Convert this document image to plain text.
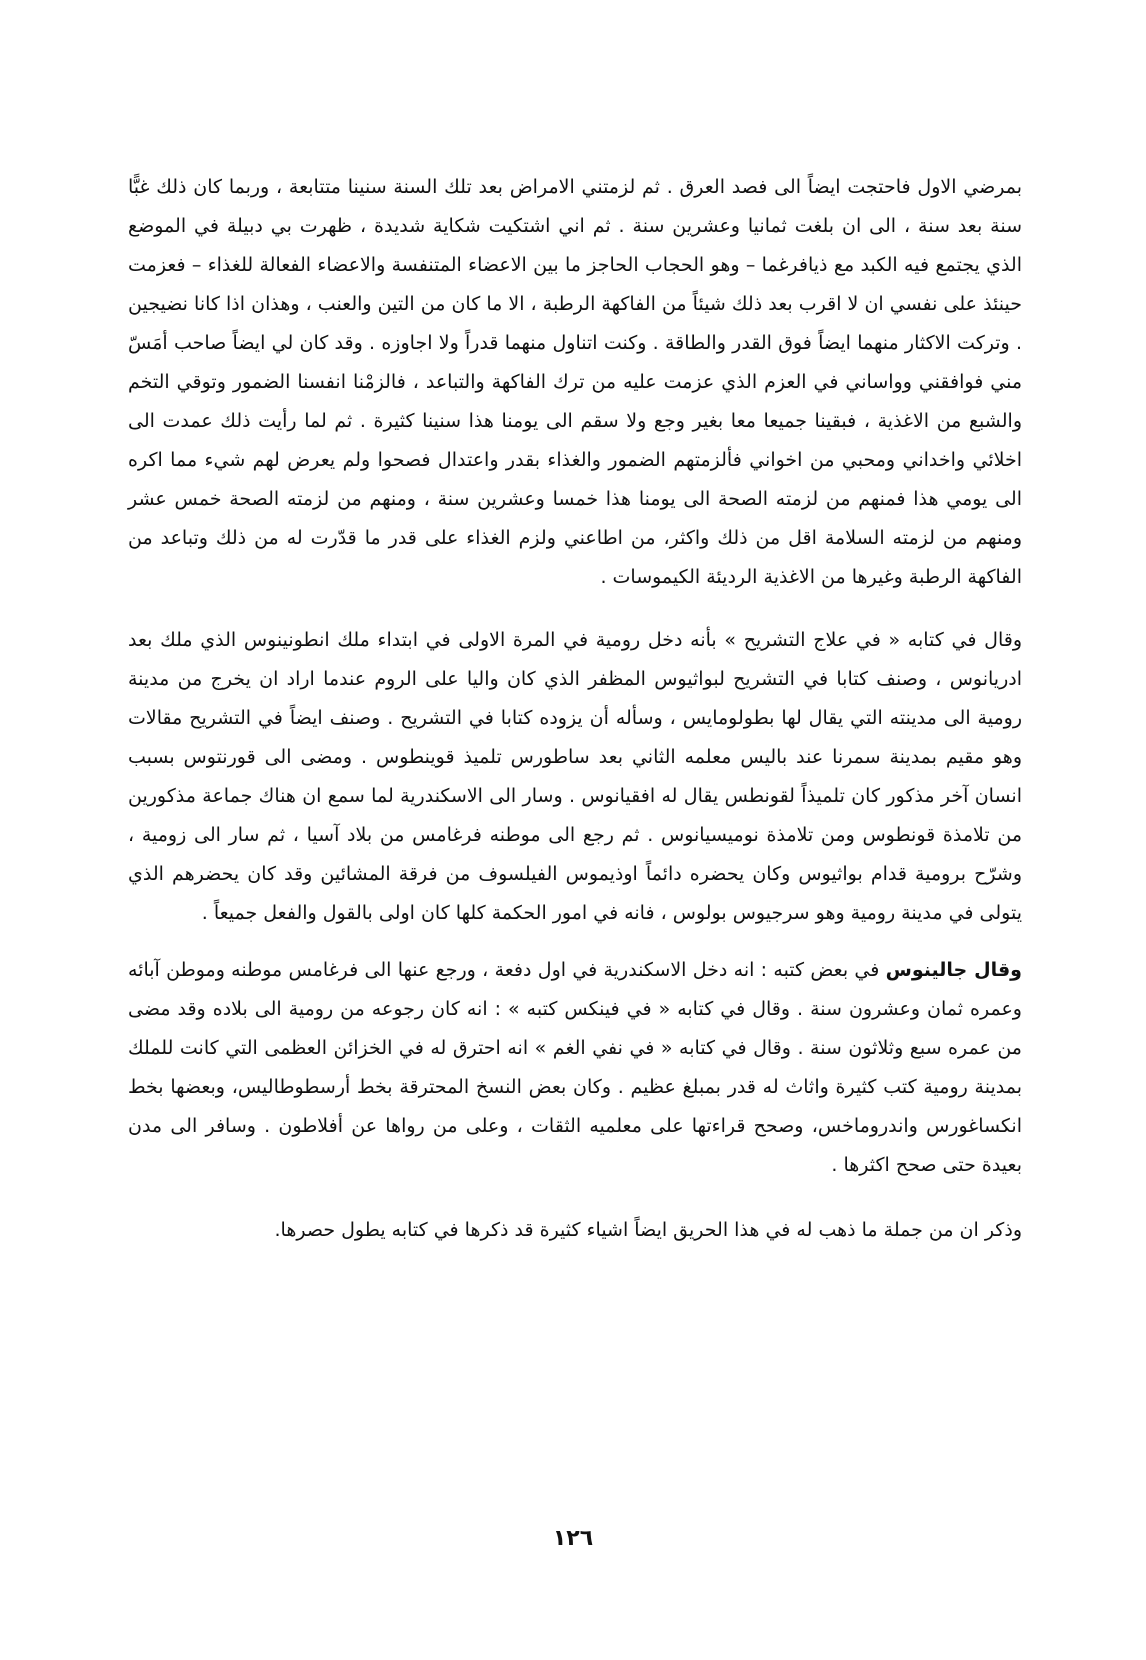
بمرضي الاول فاحتجت ايضاً الى فصد العرق . ثم لزمتني الامراض بعد تلك السنة سنينا متتابعة ، وربما كان ذلك غبًّا سنة بعد سنة ، الى ان بلغت ثمانيا وعشرين سنة . ثم اني اشتكيت شكاية شديدة ، ظهرت بي دبيلة في الموضع الذي يجتمع فيه الكبد مع ذيافرغما – وهو الحجاب الحاجز ما بين الاعضاء المتنفسة والاعضاء الفعالة للغذاء – فعزمت حينئذ على نفسي ان لا اقرب بعد ذلك شيئاً من الفاكهة الرطبة ، الا ما كان من التين والعنب ، وهذان اذا كانا نضيجين . وتركت الاكثار منهما ايضاً فوق القدر والطاقة . وكنت اتناول منهما قدراً ولا اجاوزه . وقد كان لي ايضاً صاحب أمَسّ مني فوافقني وواساني في العزم الذي عزمت عليه من ترك الفاكهة والتباعد ، فالزمْنا انفسنا الضمور وتوقي التخم والشبع من الاغذية ، فبقينا جميعا معا بغير وجع ولا سقم الى يومنا هذا سنينا كثيرة . ثم لما رأيت ذلك عمدت الى اخلائي واخداني ومحبي من اخواني فألزمتهم الضمور والغذاء بقدر واعتدال فصحوا ولم يعرض لهم شيء مما اكره الى يومي هذا فمنهم من لزمته الصحة الى يومنا هذا خمسا وعشرين سنة ، ومنهم من لزمته الصحة خمس عشر ومنهم من لزمته السلامة اقل من ذلك واكثر، من اطاعني ولزم الغذاء على قدر ما قدّرت له من ذلك وتباعد من الفاكهة الرطبة وغيرها من الاغذية الرديئة الكيموسات .

وقال في كتابه « في علاج التشريح » بأنه دخل رومية في المرة الاولى في ابتداء ملك انطونينوس الذي ملك بعد ادريانوس ، وصنف كتابا في التشريح لبواثيوس المظفر الذي كان واليا على الروم عندما اراد ان يخرج من مدينة رومية الى مدينته التي يقال لها بطولومايس ، وسأله أن يزوده كتابا في التشريح . وصنف ايضاً في التشريح مقالات وهو مقيم بمدينة سمرنا عند باليس معلمه الثاني بعد ساطورس تلميذ قوينطوس . ومضى الى قورنتوس بسبب انسان آخر مذكور كان تلميذاً لقونطس يقال له افقيانوس . وسار الى الاسكندرية لما سمع ان هناك جماعة مذكورين من تلامذة قونطوس ومن تلامذة نوميسيانوس . ثم رجع الى موطنه فرغامس من بلاد آسيا ، ثم سار الى زومية ، وشرّح برومية قدام بواثيوس وكان يحضره دائماً اوذيموس الفيلسوف من فرقة المشائين وقد كان يحضرهم الذي يتولى في مدينة رومية وهو سرجيوس بولوس ، فانه في امور الحكمة كلها كان اولى بالقول والفعل جميعاً .

وقال جالينوس في بعض كتبه : انه دخل الاسكندرية في اول دفعة ، ورجع عنها الى فرغامس موطنه وموطن آبائه وعمره ثمان وعشرون سنة . وقال في كتابه « في فينكس كتبه » : انه كان رجوعه من رومية الى بلاده وقد مضى من عمره سبع وثلاثون سنة . وقال في كتابه « في نفي الغم » انه احترق له في الخزائن العظمى التي كانت للملك بمدينة رومية كتب كثيرة واثاث له قدر بمبلغ عظيم . وكان بعض النسخ المحترقة بخط أرسطوطاليس، وبعضها بخط انكساغورس واندروماخس، وصحح قراءتها على معلميه الثقات ، وعلى من رواها عن أفلاطون . وسافر الى مدن بعيدة حتى صحح اكثرها .

وذكر ان من جملة ما ذهب له في هذا الحريق ايضاً اشياء كثيرة قد ذكرها في كتابه يطول حصرها.

١٢٦
